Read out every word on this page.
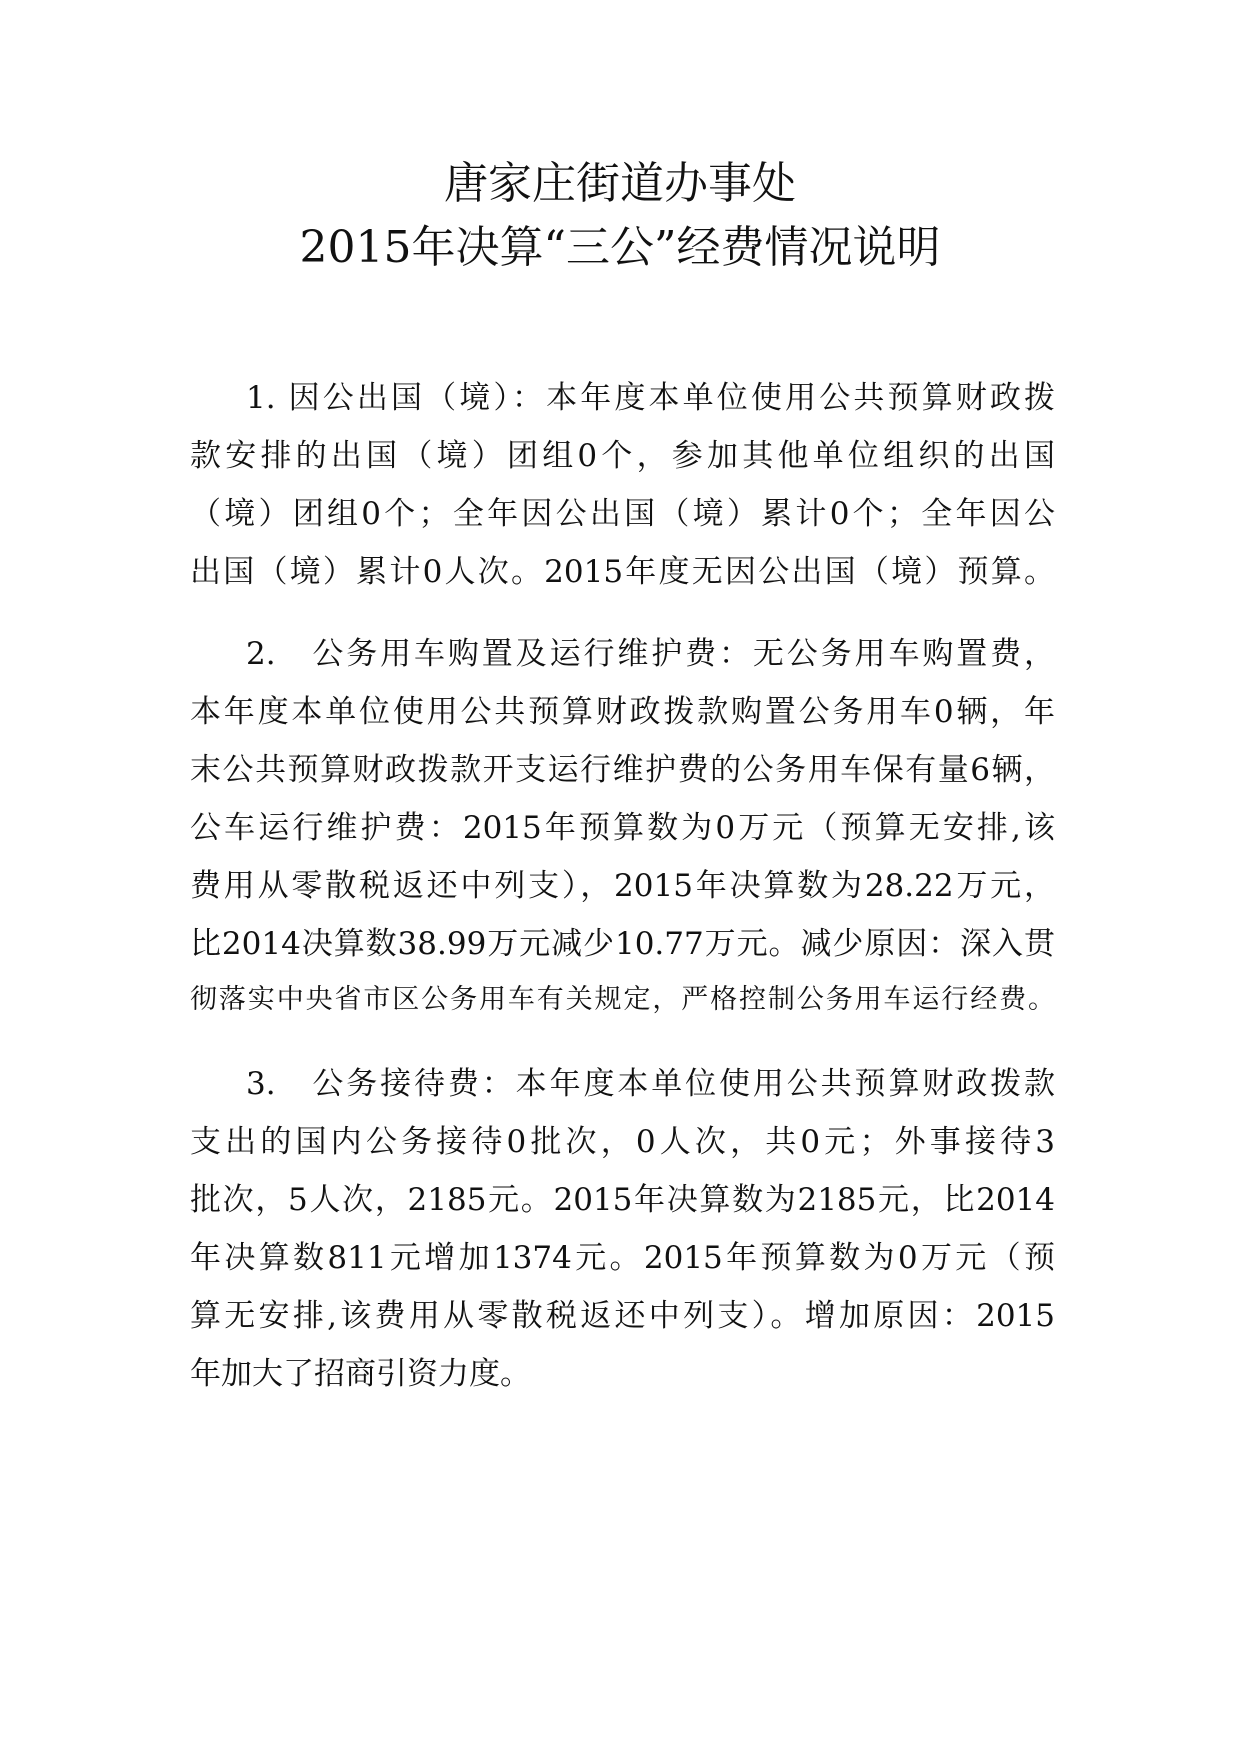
唐家庄街道办事处
2015年决算“三公”经费情况说明
1. 因公出国（境）：本年度本单位使用公共预算财政拨
款安排的出国（境）团组0个，参加其他单位组织的出国
（境）团组0个；全年因公出国（境）累计0个；全年因公
出国（境）累计0人次。2015年度无因公出国（境）预算。
2.　公务用车购置及运行维护费：无公务用车购置费，
本年度本单位使用公共预算财政拨款购置公务用车0辆，年
末公共预算财政拨款开支运行维护费的公务用车保有量6辆，
公车运行维护费：2015年预算数为0万元（预算无安排,该
费用从零散税返还中列支），2015年决算数为28.22万元，
比2014决算数38.99万元减少10.77万元。减少原因：深入贯
彻落实中央省市区公务用车有关规定，严格控制公务用车运行经费。
3.　公务接待费：本年度本单位使用公共预算财政拨款
支出的国内公务接待0批次，0人次，共0元；外事接待3
批次，5人次，2185元。2015年决算数为2185元，比2014
年决算数811元增加1374元。2015年预算数为0万元（预
算无安排,该费用从零散税返还中列支）。增加原因：2015
年加大了招商引资力度。
